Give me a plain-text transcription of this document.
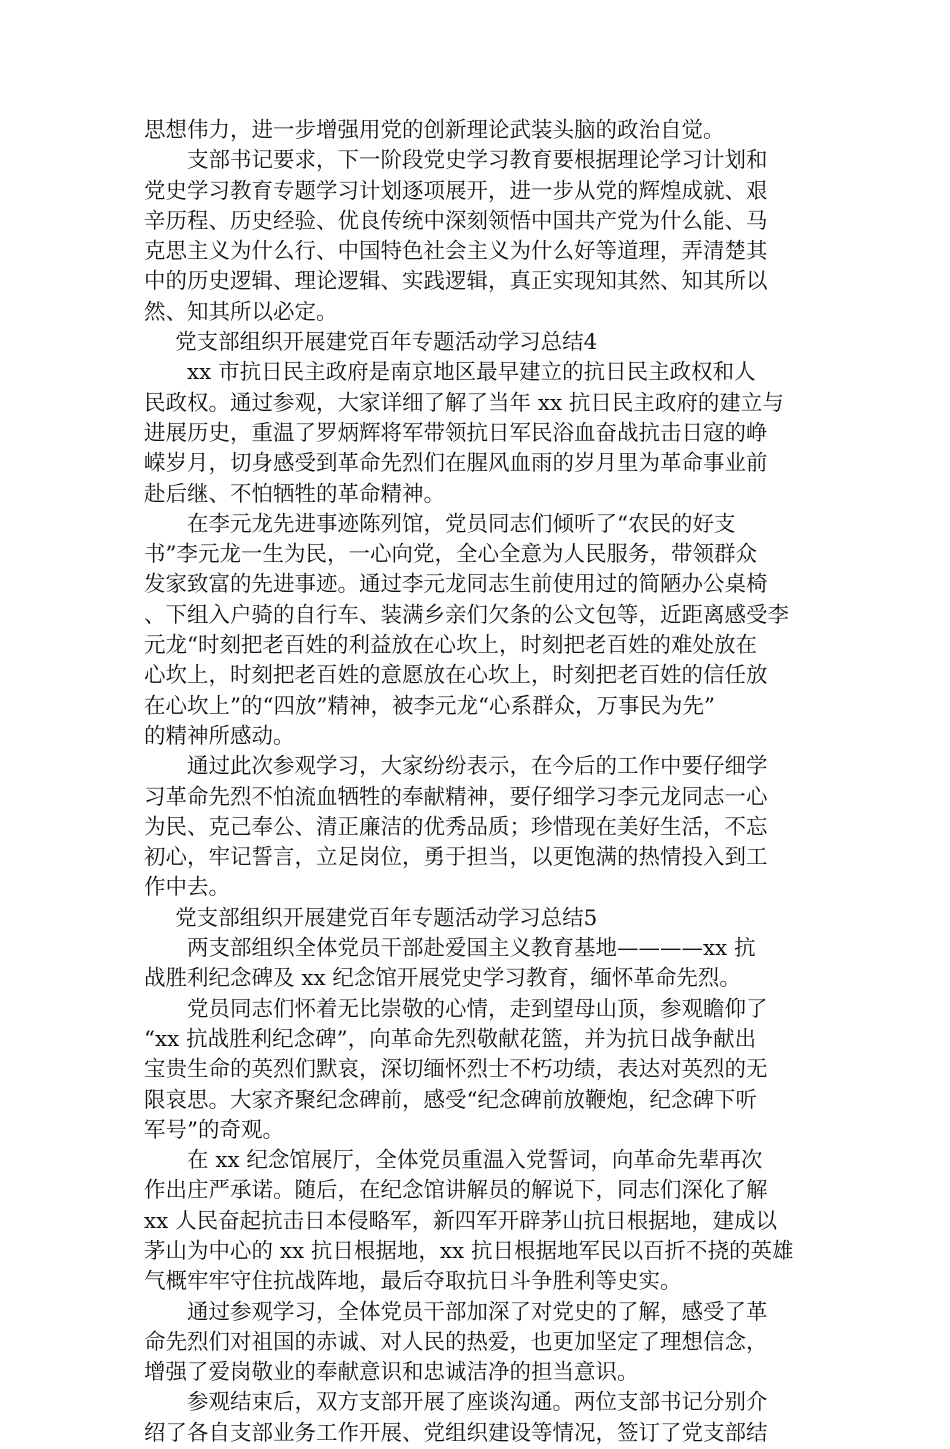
思想伟力，进一步增强用党的创新理论武装头脑的政治自觉。
支部书记要求，下一阶段党史学习教育要根据理论学习计划和
党史学习教育专题学习计划逐项展开，进一步从党的辉煌成就、艰
辛历程、历史经验、优良传统中深刻领悟中国共产党为什么能、马
克思主义为什么行、中国特色社会主义为什么好等道理，弄清楚其
中的历史逻辑、理论逻辑、实践逻辑，真正实现知其然、知其所以
然、知其所以必定。
党支部组织开展建党百年专题活动学习总结4
xx 市抗日民主政府是南京地区最早建立的抗日民主政权和人
民政权。通过参观，大家详细了解了当年 xx 抗日民主政府的建立与
进展历史，重温了罗炳辉将军带领抗日军民浴血奋战抗击日寇的峥
嵘岁月，切身感受到革命先烈们在腥风血雨的岁月里为革命事业前
赴后继、不怕牺牲的革命精神。
在李元龙先进事迹陈列馆，党员同志们倾听了“农民的好支
书”李元龙一生为民，一心向党，全心全意为人民服务，带领群众
发家致富的先进事迹。通过李元龙同志生前使用过的简陋办公桌椅
、下组入户骑的自行车、装满乡亲们欠条的公文包等，近距离感受李
元龙“时刻把老百姓的利益放在心坎上，时刻把老百姓的难处放在
心坎上，时刻把老百姓的意愿放在心坎上，时刻把老百姓的信任放
在心坎上”的“四放”精神，被李元龙“心系群众，万事民为先”
的精神所感动。
通过此次参观学习，大家纷纷表示，在今后的工作中要仔细学
习革命先烈不怕流血牺牲的奉献精神，要仔细学习李元龙同志一心
为民、克己奉公、清正廉洁的优秀品质；珍惜现在美好生活，不忘
初心，牢记誓言，立足岗位，勇于担当，以更饱满的热情投入到工
作中去。
党支部组织开展建党百年专题活动学习总结5
两支部组织全体党员干部赴爱国主义教育基地————xx 抗
战胜利纪念碑及 xx 纪念馆开展党史学习教育，缅怀革命先烈。
党员同志们怀着无比崇敬的心情，走到望母山顶，参观瞻仰了
“xx 抗战胜利纪念碑”，向革命先烈敬献花篮，并为抗日战争献出
宝贵生命的英烈们默哀，深切缅怀烈士不朽功绩，表达对英烈的无
限哀思。大家齐聚纪念碑前，感受“纪念碑前放鞭炮，纪念碑下听
军号”的奇观。
在 xx 纪念馆展厅，全体党员重温入党誓词，向革命先辈再次
作出庄严承诺。随后，在纪念馆讲解员的解说下，同志们深化了解
xx 人民奋起抗击日本侵略军，新四军开辟茅山抗日根据地，建成以
茅山为中心的 xx 抗日根据地，xx 抗日根据地军民以百折不挠的英雄
气概牢牢守住抗战阵地，最后夺取抗日斗争胜利等史实。
通过参观学习，全体党员干部加深了对党史的了解，感受了革
命先烈们对祖国的赤诚、对人民的热爱，也更加坚定了理想信念，
增强了爱岗敬业的奉献意识和忠诚洁净的担当意识。
参观结束后，双方支部开展了座谈沟通。两位支部书记分别介
绍了各自支部业务工作开展、党组织建设等情况，签订了党支部结
